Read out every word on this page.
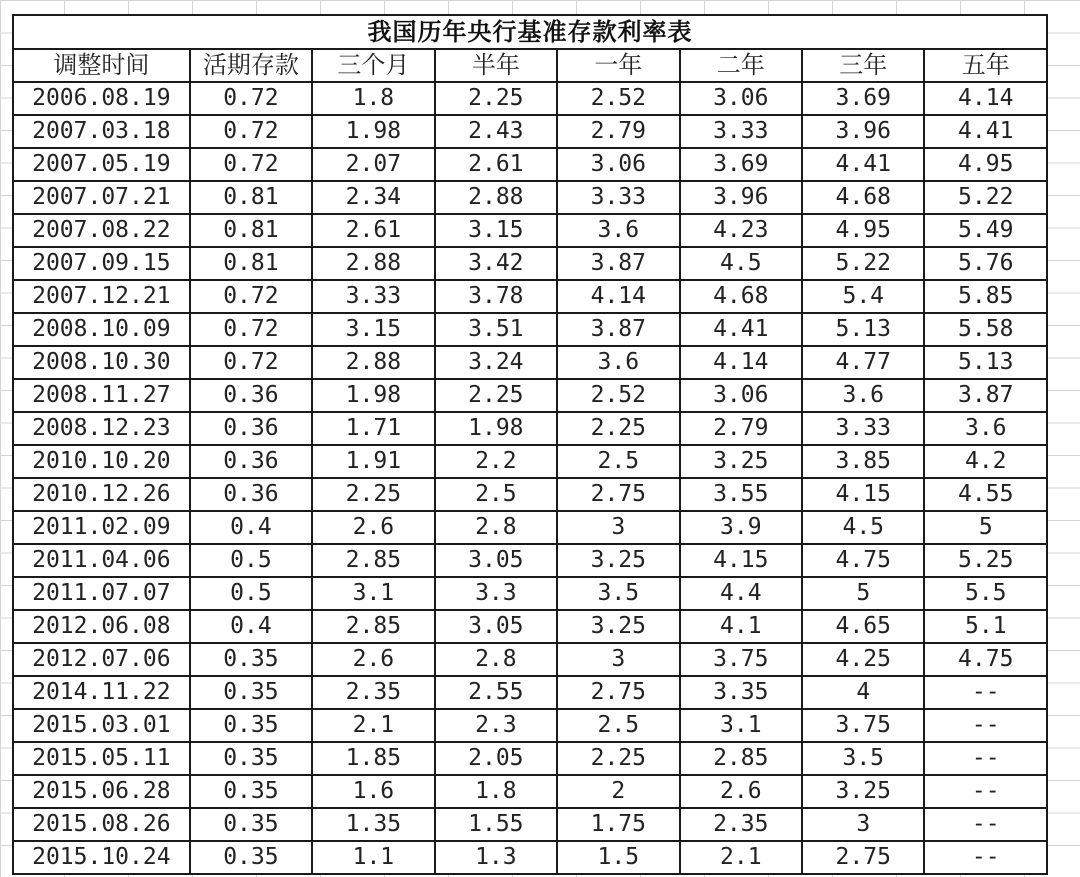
我国历年央行基准存款利率表							
调整时间	活期存款	三个月	半年	一年	二年	三年	五年
2006.08.19	0.72	1.8	2.25	2.52	3.06	3.69	4.14
2007.03.18	0.72	1.98	2.43	2.79	3.33	3.96	4.41
2007.05.19	0.72	2.07	2.61	3.06	3.69	4.41	4.95
2007.07.21	0.81	2.34	2.88	3.33	3.96	4.68	5.22
2007.08.22	0.81	2.61	3.15	3.6	4.23	4.95	5.49
2007.09.15	0.81	2.88	3.42	3.87	4.5	5.22	5.76
2007.12.21	0.72	3.33	3.78	4.14	4.68	5.4	5.85
2008.10.09	0.72	3.15	3.51	3.87	4.41	5.13	5.58
2008.10.30	0.72	2.88	3.24	3.6	4.14	4.77	5.13
2008.11.27	0.36	1.98	2.25	2.52	3.06	3.6	3.87
2008.12.23	0.36	1.71	1.98	2.25	2.79	3.33	3.6
2010.10.20	0.36	1.91	2.2	2.5	3.25	3.85	4.2
2010.12.26	0.36	2.25	2.5	2.75	3.55	4.15	4.55
2011.02.09	0.4	2.6	2.8	3	3.9	4.5	5
2011.04.06	0.5	2.85	3.05	3.25	4.15	4.75	5.25
2011.07.07	0.5	3.1	3.3	3.5	4.4	5	5.5
2012.06.08	0.4	2.85	3.05	3.25	4.1	4.65	5.1
2012.07.06	0.35	2.6	2.8	3	3.75	4.25	4.75
2014.11.22	0.35	2.35	2.55	2.75	3.35	4	--
2015.03.01	0.35	2.1	2.3	2.5	3.1	3.75	--
2015.05.11	0.35	1.85	2.05	2.25	2.85	3.5	--
2015.06.28	0.35	1.6	1.8	2	2.6	3.25	--
2015.08.26	0.35	1.35	1.55	1.75	2.35	3	--
2015.10.24	0.35	1.1	1.3	1.5	2.1	2.75	--
